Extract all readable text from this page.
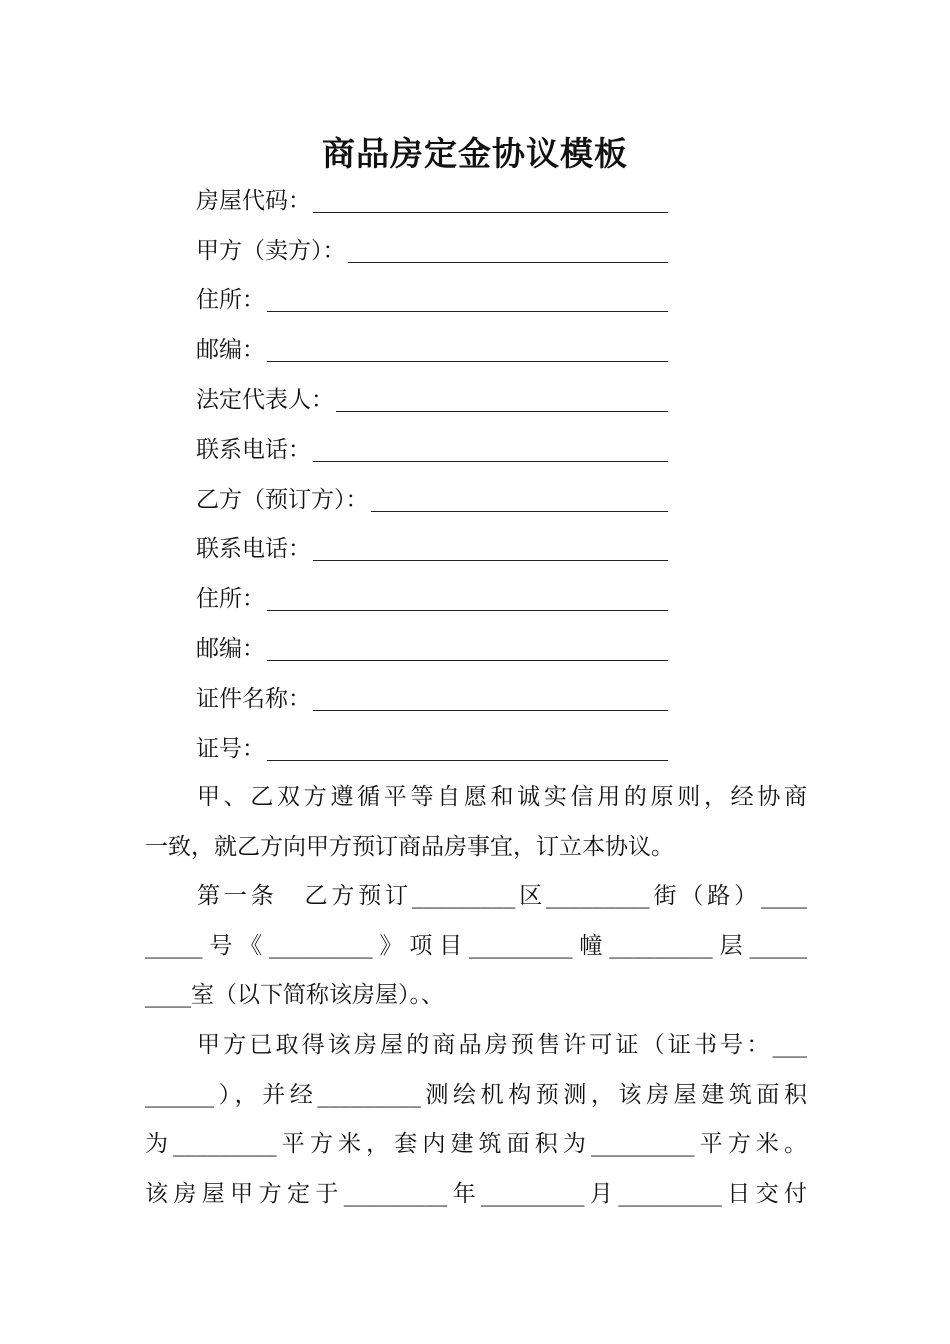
商品房定金协议模板
房屋代码：
甲方（卖方）：
住所：
邮编：
法定代表人：
联系电话：
乙方（预订方）：
联系电话：
住所：
邮编：
证件名称：
证号：
甲、乙双方遵循平等自愿和诚实信用的原则，经协商
一致，就乙方向甲方预订商品房事宜，订立本协议。
第一条　乙方预订_________区_________街（路）____
_____号《_________》项目_________幢_________层_____
____室（以下简称该房屋）。、
甲方已取得该房屋的商品房预售许可证（证书号：___
______），并经_________测绘机构预测，该房屋建筑面积
为_________平方米，套内建筑面积为_________平方米。
该房屋甲方定于_________年_________月_________日交付
